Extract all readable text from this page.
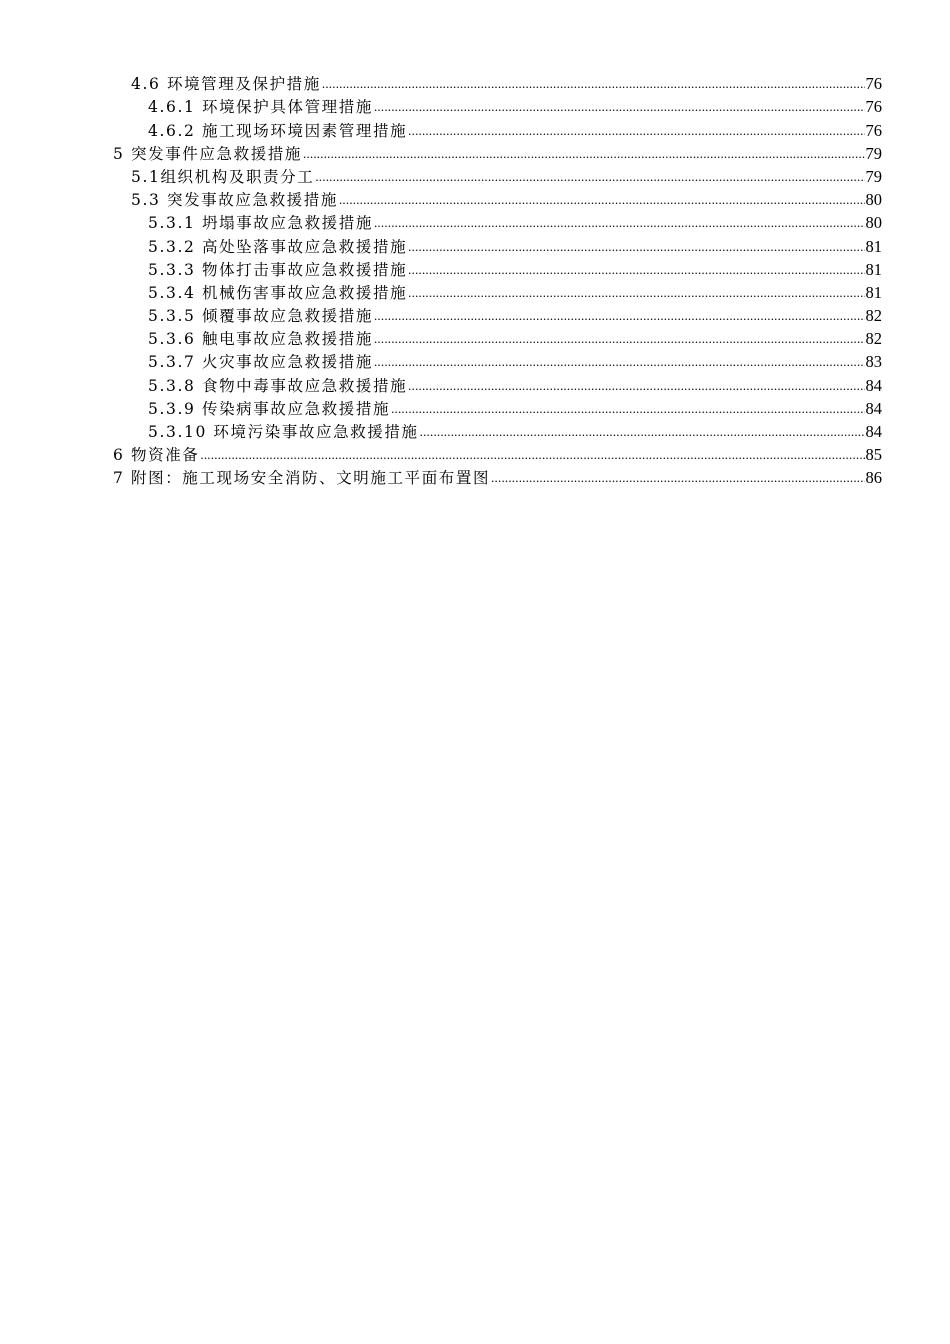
4.6 环境管理及保护措施 .....	76
4.6.1 环境保护具体管理措施 .....	76
4.6.2 施工现场环境因素管理措施 .....	76
5 突发事件应急救援措施 .....	79
5.1组织机构及职责分工 .....	79
5.3 突发事故应急救援措施 .....	80
5.3.1 坍塌事故应急救援措施 .....	80
5.3.2 高处坠落事故应急救援措施 .....	81
5.3.3 物体打击事故应急救援措施 .....	81
5.3.4 机械伤害事故应急救援措施 .....	81
5.3.5 倾覆事故应急救援措施 .....	82
5.3.6 触电事故应急救援措施 .....	82
5.3.7 火灾事故应急救援措施 .....	83
5.3.8 食物中毒事故应急救援措施 .....	84
5.3.9 传染病事故应急救援措施 .....	84
5.3.10 环境污染事故应急救援措施 .....	84
6 物资准备 .....	85
7 附图：施工现场安全消防、文明施工平面布置图 .....	86
